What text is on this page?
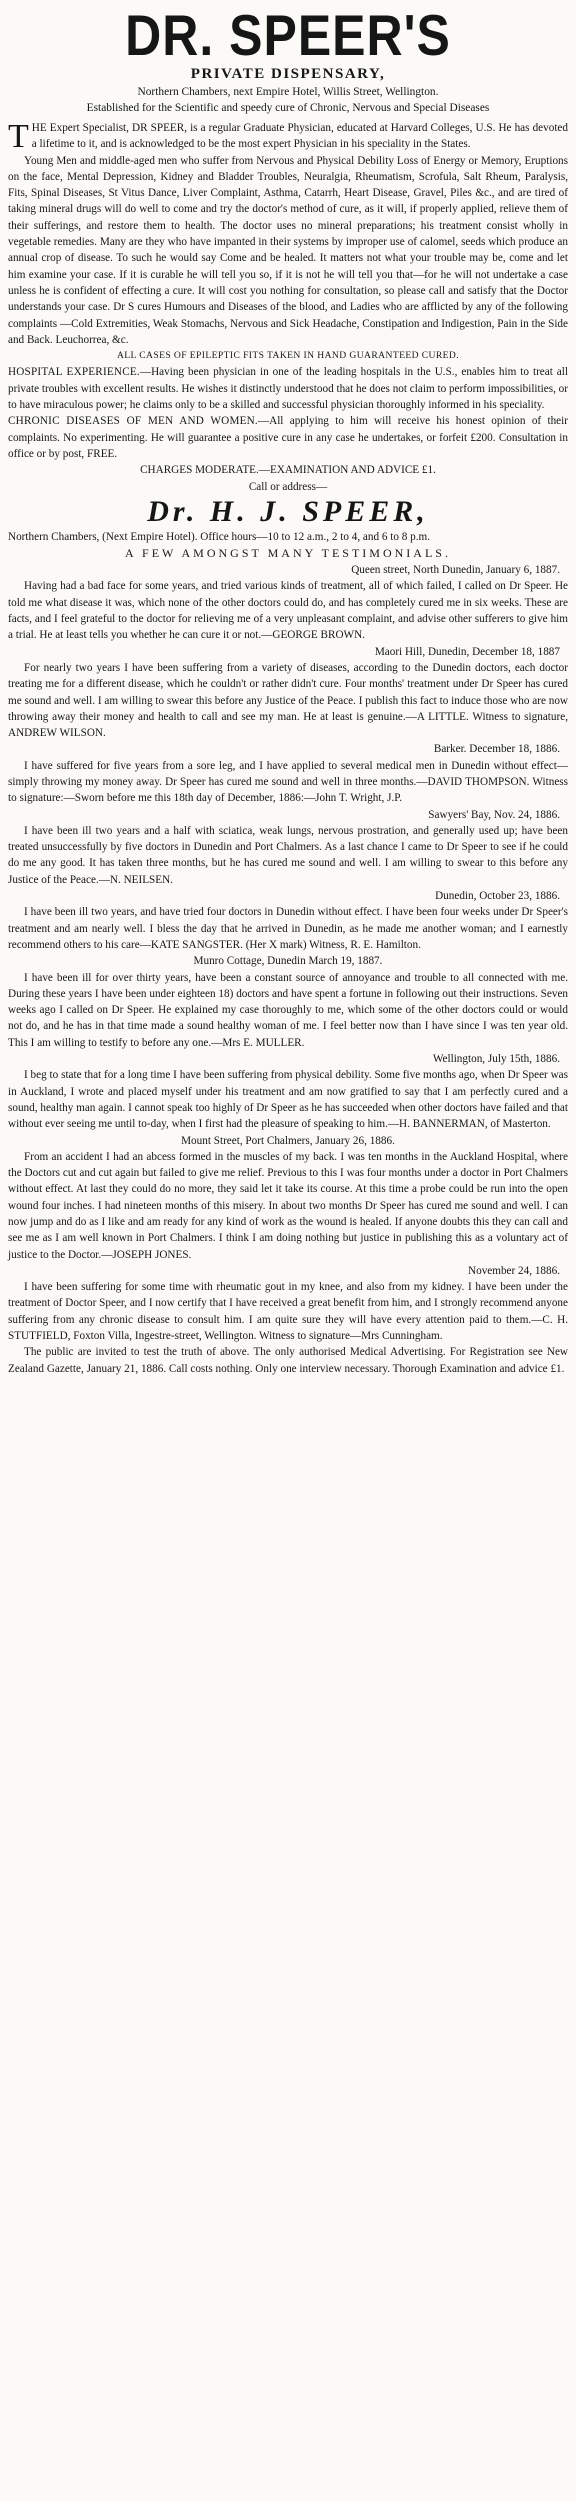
DR. SPEER'S
PRIVATE DISPENSARY,
Northern Chambers, next Empire Hotel, Willis Street, Wellington.
Established for the Scientific and speedy cure of Chronic, Nervous and Special Diseases

THE Expert Specialist, DR SPEER, is a regular Graduate Physician, educated at Harvard Colleges, U.S. He has devoted a lifetime to it, and is acknowledged to be the most expert Physician in his speciality in the States.

Young Men and middle-aged men who suffer from Nervous and Physical Debility Loss of Energy or Memory, Eruptions on the face, Mental Depression, Kidney and Bladder Troubles, Neuralgia, Rheumatism, Scrofula, Salt Rheum, Paralysis, Fits, Spinal Diseases, St Vitus Dance, Liver Complaint, Asthma, Catarrh, Heart Disease, Gravel, Piles &c., and are tired of taking mineral drugs will do well to come and try the doctor's method of cure, as it will, if properly applied, relieve them of their sufferings, and restore them to health. The doctor uses no mineral preparations; his treatment consist wholly in vegetable remedies. Many are they who have impanted in their systems by improper use of calomel, seeds which produce an annual crop of disease. To such he would say Come and be healed. It matters not what your trouble may be, come and let him examine your case. If it is curable he will tell you so, if it is not he will tell you that—for he will not undertake a case unless he is confident of effecting a cure. It will cost you nothing for consultation, so please call and satisfy that the Doctor understands your case. Dr S cures Humours and Diseases of the blood, and Ladies who are afflicted by any of the following complaints —Cold Extremities, Weak Stomachs, Nervous and Sick Headache, Constipation and Indigestion, Pain in the Side and Back. Leuchorrea, &c.

ALL CASES OF EPILEPTIC FITS TAKEN IN HAND GUARANTEED CURED.

HOSPITAL EXPERIENCE.—Having been physician in one of the leading hospitals in the U.S., enables him to treat all private troubles with excellent results. He wishes it distinctly understood that he does not claim to perform impossibilities, or to have miraculous power; he claims only to be a skilled and successful physician thoroughly informed in his speciality.

CHRONIC DISEASES OF MEN AND WOMEN.—All applying to him will receive his honest opinion of their complaints. No experimenting. He will guarantee a positive cure in any case he undertakes, or forfeit £200. Consultation in office or by post, FREE.

CHARGES MODERATE.—EXAMINATION AND ADVICE £1.

Call or address—

Dr. H. J. SPEER,

Northern Chambers, (Next Empire Hotel). Office hours—10 to 12 a.m., 2 to 4, and 6 to 8 p.m.

A FEW AMONGST MANY TESTIMONIALS.

Queen street, North Dunedin, January 6, 1887.

Having had a bad face for some years, and tried various kinds of treatment, all of which failed, I called on Dr Speer. He told me what disease it was, which none of the other doctors could do, and has completely cured me in six weeks. These are facts, and I feel grateful to the doctor for relieving me of a very unpleasant complaint, and advise other sufferers to give him a trial. He at least tells you whether he can cure it or not.—GEORGE BROWN.

Maori Hill, Dunedin, December 18, 1887

For nearly two years I have been suffering from a variety of diseases, according to the Dunedin doctors, each doctor treating me for a different disease, which he couldn't or rather didn't cure. Four months' treatment under Dr Speer has cured me sound and well. I am willing to swear this before any Justice of the Peace. I publish this fact to induce those who are now throwing away their money and health to call and see my man. He at least is genuine.—A LITTLE. Witness to signature, ANDREW WILSON.

Barker. December 18, 1886.

I have suffered for five years from a sore leg, and I have applied to several medical men in Dunedin without effect—simply throwing my money away. Dr Speer has cured me sound and well in three months.—DAVID THOMPSON. Witness to signature:—Sworn before me this 18th day of December, 1886:—John T. Wright, J.P.

Sawyers' Bay, Nov. 24, 1886.

I have been ill two years and a half with sciatica, weak lungs, nervous prostration, and generally used up; have been treated unsuccessfully by five doctors in Dunedin and Port Chalmers. As a last chance I came to Dr Speer to see if he could do me any good. It has taken three months, but he has cured me sound and well. I am willing to swear to this before any Justice of the Peace.—N. NEILSEN.

Dunedin, October 23, 1886.

I have been ill two years, and have tried four doctors in Dunedin without effect. I have been four weeks under Dr Speer's treatment and am nearly well. I bless the day that he arrived in Dunedin, as he made me another woman; and I earnestly recommend others to his care—KATE SANGSTER. (Her X mark) Witness, R. E. Hamilton.

Munro Cottage, Dunedin March 19, 1887.

I have been ill for over thirty years, have been a constant source of annoyance and trouble to all connected with me. During these years I have been under eighteen 18) doctors and have spent a fortune in following out their instructions. Seven weeks ago I called on Dr Speer. He explained my case thoroughly to me, which some of the other doctors could or would not do, and he has in that time made a sound healthy woman of me. I feel better now than I have since I was ten year old. This I am willing to testify to before any one.—Mrs E. MULLER.

Wellington, July 15th, 1886.

I beg to state that for a long time I have been suffering from physical debility. Some five months ago, when Dr Speer was in Auckland, I wrote and placed myself under his treatment and am now gratified to say that I am perfectly cured and a sound, healthy man again. I cannot speak too highly of Dr Speer as he has succeeded when other doctors have failed and that without ever seeing me until to-day, when I first had the pleasure of speaking to him.—H. BANNERMAN, of Masterton.

Mount Street, Port Chalmers, January 26, 1886.

From an accident I had an abcess formed in the muscles of my back. I was ten months in the Auckland Hospital, where the Doctors cut and cut again but failed to give me relief. Previous to this I was four months under a doctor in Port Chalmers without effect. At last they could do no more, they said let it take its course. At this time a probe could be run into the open wound four inches. I had nineteen months of this misery. In about two months Dr Speer has cured me sound and well. I can now jump and do as I like and am ready for any kind of work as the wound is healed. If anyone doubts this they can call and see me as I am well known in Port Chalmers. I think I am doing nothing but justice in publishing this as a voluntary act of justice to the Doctor.—JOSEPH JONES.

November 24, 1886.

I have been suffering for some time with rheumatic gout in my knee, and also from my kidney. I have been under the treatment of Doctor Speer, and I now certify that I have received a great benefit from him, and I strongly recommend anyone suffering from any chronic disease to consult him. I am quite sure they will have every attention paid to them.—C. H. STUTFIELD, Foxton Villa, Ingestre-street, Wellington. Witness to signature—Mrs Cunningham.

The public are invited to test the truth of above. The only authorised Medical Advertising. For Registration see New Zealand Gazette, January 21, 1886. Call costs nothing. Only one interview necessary. Thorough Examination and advice £1.
